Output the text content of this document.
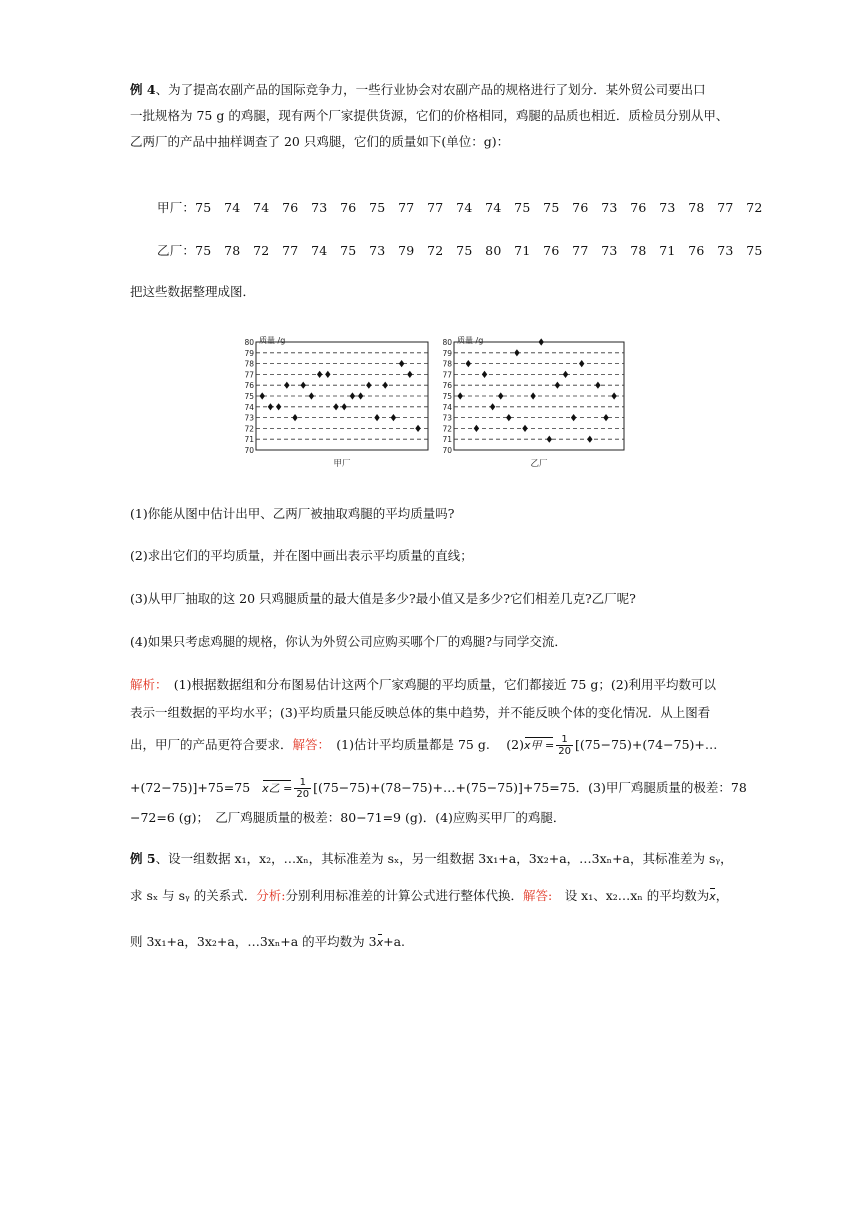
例 4、为了提高农副产品的国际竞争力，一些行业协会对农副产品的规格进行了划分．某外贸公司要出口
一批规格为 75 g 的鸡腿，现有两个厂家提供货源，它们的价格相同，鸡腿的品质也相近．质检员分别从甲、
乙两厂的产品中抽样调查了 20 只鸡腿，它们的质量如下(单位：g)：
甲厂：75　74　74　76　73　76　75　77　77　74　74　75　75　76　73　76　73　78　77　72
乙厂：75　78　72　77　74　75　73　79　72　75　80　71　76　77　73　78　71　76　73　75
把这些数据整理成图．
70
71
72
73
74
75
76
77
78
79
80 质量 /g
甲厂
70
71
72
73
74
75
76
77
78
79
80 质量 /g
乙厂
(1)你能从图中估计出甲、乙两厂被抽取鸡腿的平均质量吗?
(2)求出它们的平均质量，并在图中画出表示平均质量的直线；
(3)从甲厂抽取的这 20 只鸡腿质量的最大值是多少?最小值又是多少?它们相差几克?乙厂呢?
(4)如果只考虑鸡腿的规格，你认为外贸公司应购买哪个厂的鸡腿?与同学交流．
解析：　(1)根据数据组和分布图易估计这两个厂家鸡腿的平均质量，它们都接近 75 g；(2)利用平均数可以
表示一组数据的平均水平；(3)平均质量只能反映总体的集中趋势，并不能反映个体的变化情况．从上图看
出，甲厂的产品更符合要求．解答：　(1)估计平均质量都是 75 g.　 (2)x甲 = $\frac{1}{20}$ [(75−75)+(74−75)+…
+(72−75)]+75=75 x乙 = $\frac{1}{20}$ [(75−75)+(78−75)+…+(75−75)]+75=75．(3)甲厂鸡腿质量的极差：78
−72=6 (g)；　乙厂鸡腿质量的极差：80−71=9 (g)．(4)应购买甲厂的鸡腿．
例 5、设一组数据 x₁，x₂，…xₙ，其标准差为 sₓ，另一组数据 3x₁+a，3x₂+a，…3xₙ+a，其标准差为 sᵧ，
求 sₓ 与 sᵧ 的关系式．分析:分别利用标准差的计算公式进行整体代换．解答:　设 x₁、x₂…xₙ 的平均数为x，
则 3x₁+a，3x₂+a，…3xₙ+a 的平均数为 3x+a.
